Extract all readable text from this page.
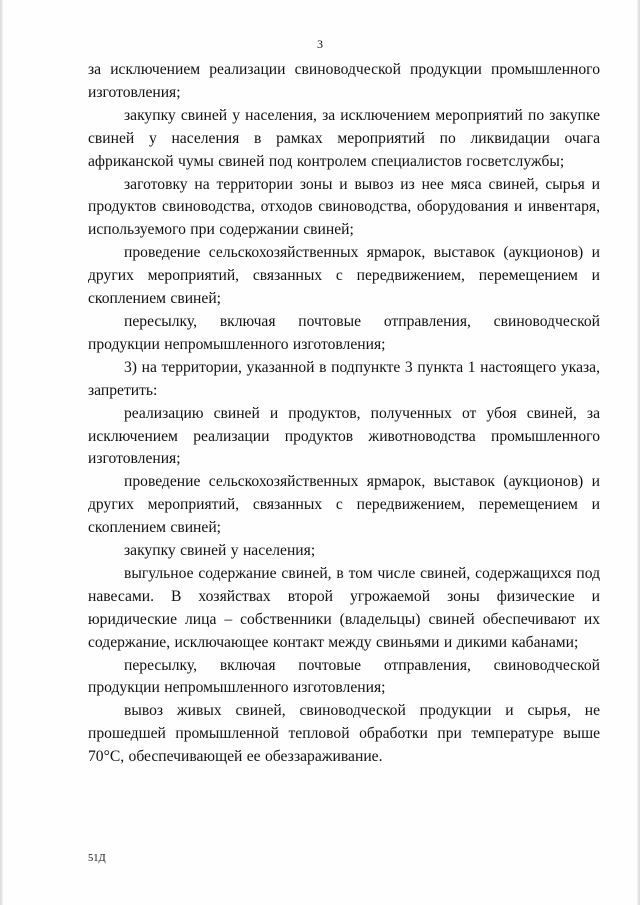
3

за исключением реализации свиноводческой продукции промышленного изготовления;

закупку свиней у населения, за исключением мероприятий по закупке свиней у населения в рамках мероприятий по ликвидации очага африканской чумы свиней под контролем специалистов госветслужбы;

заготовку на территории зоны и вывоз из нее мяса свиней, сырья и продуктов свиноводства, отходов свиноводства, оборудования и инвентаря, используемого при содержании свиней;

проведение сельскохозяйственных ярмарок, выставок (аукционов) и других мероприятий, связанных с передвижением, перемещением и скоплением свиней;

пересылку, включая почтовые отправления, свиноводческой продукции непромышленного изготовления;

3) на территории, указанной в подпункте 3 пункта 1 настоящего указа, запретить:

реализацию свиней и продуктов, полученных от убоя свиней, за исключением реализации продуктов животноводства промышленного изготовления;

проведение сельскохозяйственных ярмарок, выставок (аукционов) и других мероприятий, связанных с передвижением, перемещением и скоплением свиней;

закупку свиней у населения;

выгульное содержание свиней, в том числе свиней, содержащихся под навесами. В хозяйствах второй угрожаемой зоны физические и юридические лица – собственники (владельцы) свиней обеспечивают их содержание, исключающее контакт между свиньями и дикими кабанами;

пересылку, включая почтовые отправления, свиноводческой продукции непромышленного изготовления;

вывоз живых свиней, свиноводческой продукции и сырья, не прошедшей промышленной тепловой обработки при температуре выше 70°С, обеспечивающей ее обеззараживание.

51Д
